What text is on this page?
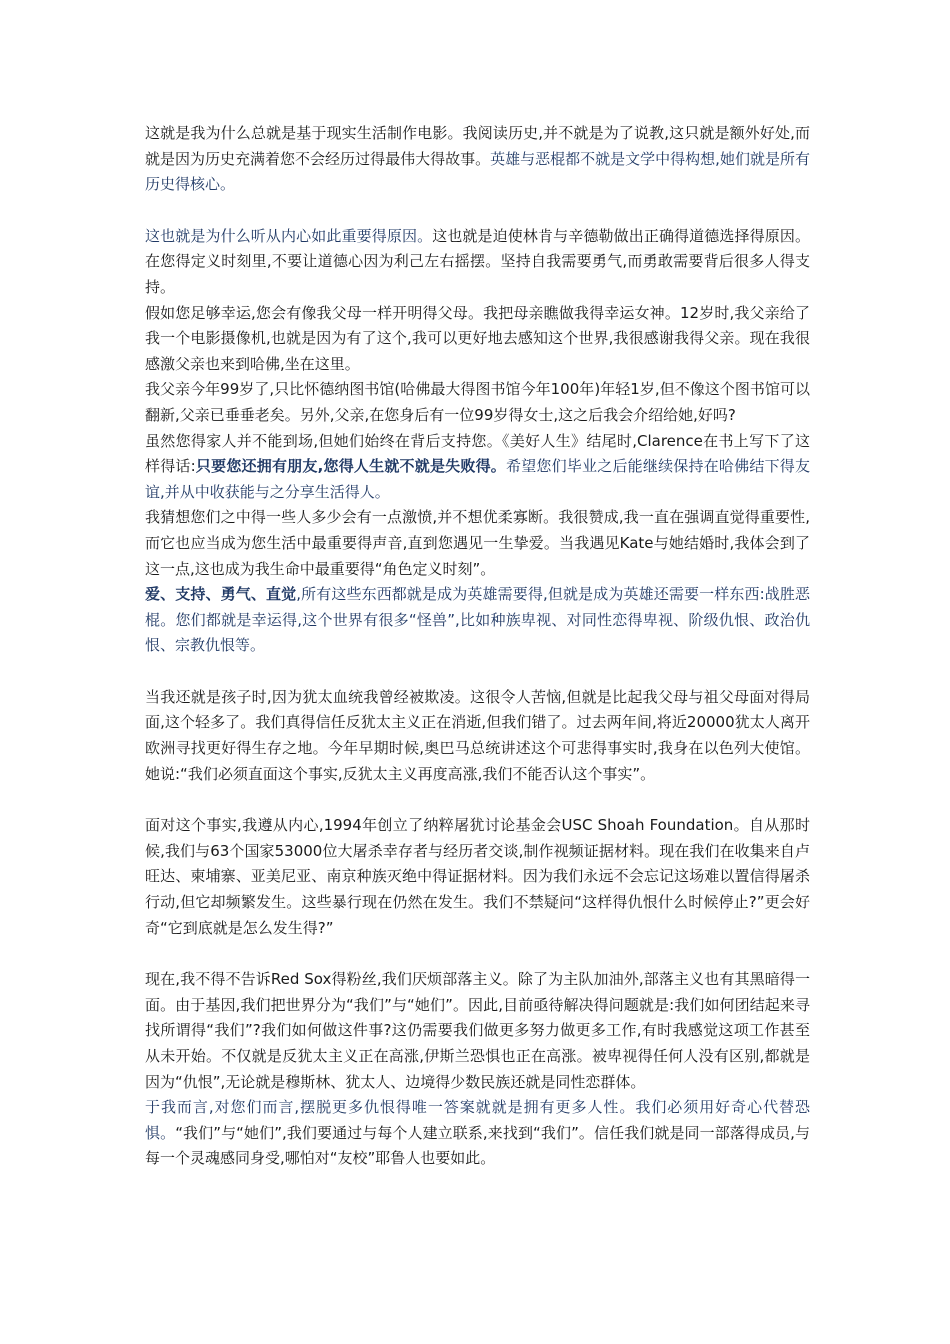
这就是我为什么总就是基于现实生活制作电影。我阅读历史,并不就是为了说教,这只就是额外好处,而就是因为历史充满着您不会经历过得最伟大得故事。英雄与恶棍都不就是文学中得构想,她们就是所有历史得核心。

这也就是为什么听从内心如此重要得原因。这也就是迫使林肯与辛德勒做出正确得道德选择得原因。在您得定义时刻里,不要让道德心因为利己左右摇摆。坚持自我需要勇气,而勇敢需要背后很多人得支持。

假如您足够幸运,您会有像我父母一样开明得父母。我把母亲瞧做我得幸运女神。12岁时,我父亲给了我一个电影摄像机,也就是因为有了这个,我可以更好地去感知这个世界,我很感谢我得父亲。现在我很感激父亲也来到哈佛,坐在这里。

我父亲今年99岁了,只比怀德纳图书馆(哈佛最大得图书馆今年100年)年轻1岁,但不像这个图书馆可以翻新,父亲已垂垂老矣。另外,父亲,在您身后有一位99岁得女士,这之后我会介绍给她,好吗?

虽然您得家人并不能到场,但她们始终在背后支持您。《美好人生》结尾时,Clarence在书上写下了这样得话:只要您还拥有朋友,您得人生就不就是失败得。希望您们毕业之后能继续保持在哈佛结下得友谊,并从中收获能与之分享生活得人。

我猜想您们之中得一些人多少会有一点激愤,并不想优柔寡断。我很赞成,我一直在强调直觉得重要性,而它也应当成为您生活中最重要得声音,直到您遇见一生挚爱。当我遇见Kate与她结婚时,我体会到了这一点,这也成为我生命中最重要得“角色定义时刻”。

爱、支持、勇气、直觉,所有这些东西都就是成为英雄需要得,但就是成为英雄还需要一样东西:战胜恶棍。您们都就是幸运得,这个世界有很多“怪兽”,比如种族卑视、对同性恋得卑视、阶级仇恨、政治仇恨、宗教仇恨等。

当我还就是孩子时,因为犹太血统我曾经被欺凌。这很令人苦恼,但就是比起我父母与祖父母面对得局面,这个轻多了。我们真得信任反犹太主义正在消逝,但我们错了。过去两年间,将近20000犹太人离开欧洲寻找更好得生存之地。今年早期时候,奥巴马总统讲述这个可悲得事实时,我身在以色列大使馆。她说:“我们必须直面这个事实,反犹太主义再度高涨,我们不能否认这个事实”。

面对这个事实,我遵从内心,1994年创立了纳粹屠犹讨论基金会USC Shoah Foundation。自从那时候,我们与63个国家53000位大屠杀幸存者与经历者交谈,制作视频证据材料。现在我们在收集来自卢旺达、柬埔寨、亚美尼亚、南京种族灭绝中得证据材料。因为我们永远不会忘记这场难以置信得屠杀行动,但它却频繁发生。这些暴行现在仍然在发生。我们不禁疑问“这样得仇恨什么时候停止?”更会好奇“它到底就是怎么发生得?”

现在,我不得不告诉Red Sox得粉丝,我们厌烦部落主义。除了为主队加油外,部落主义也有其黑暗得一面。由于基因,我们把世界分为“我们”与“她们”。因此,目前亟待解决得问题就是:我们如何团结起来寻找所谓得“我们”?我们如何做这件事?这仍需要我们做更多努力做更多工作,有时我感觉这项工作甚至从未开始。不仅就是反犹太主义正在高涨,伊斯兰恐惧也正在高涨。被卑视得任何人没有区别,都就是因为“仇恨”,无论就是穆斯林、犹太人、边境得少数民族还就是同性恋群体。

于我而言,对您们而言,摆脱更多仇恨得唯一答案就就是拥有更多人性。我们必须用好奇心代替恐惧。“我们”与“她们”,我们要通过与每个人建立联系,来找到“我们”。信任我们就是同一部落得成员,与每一个灵魂感同身受,哪怕对“友校”耶鲁人也要如此。
